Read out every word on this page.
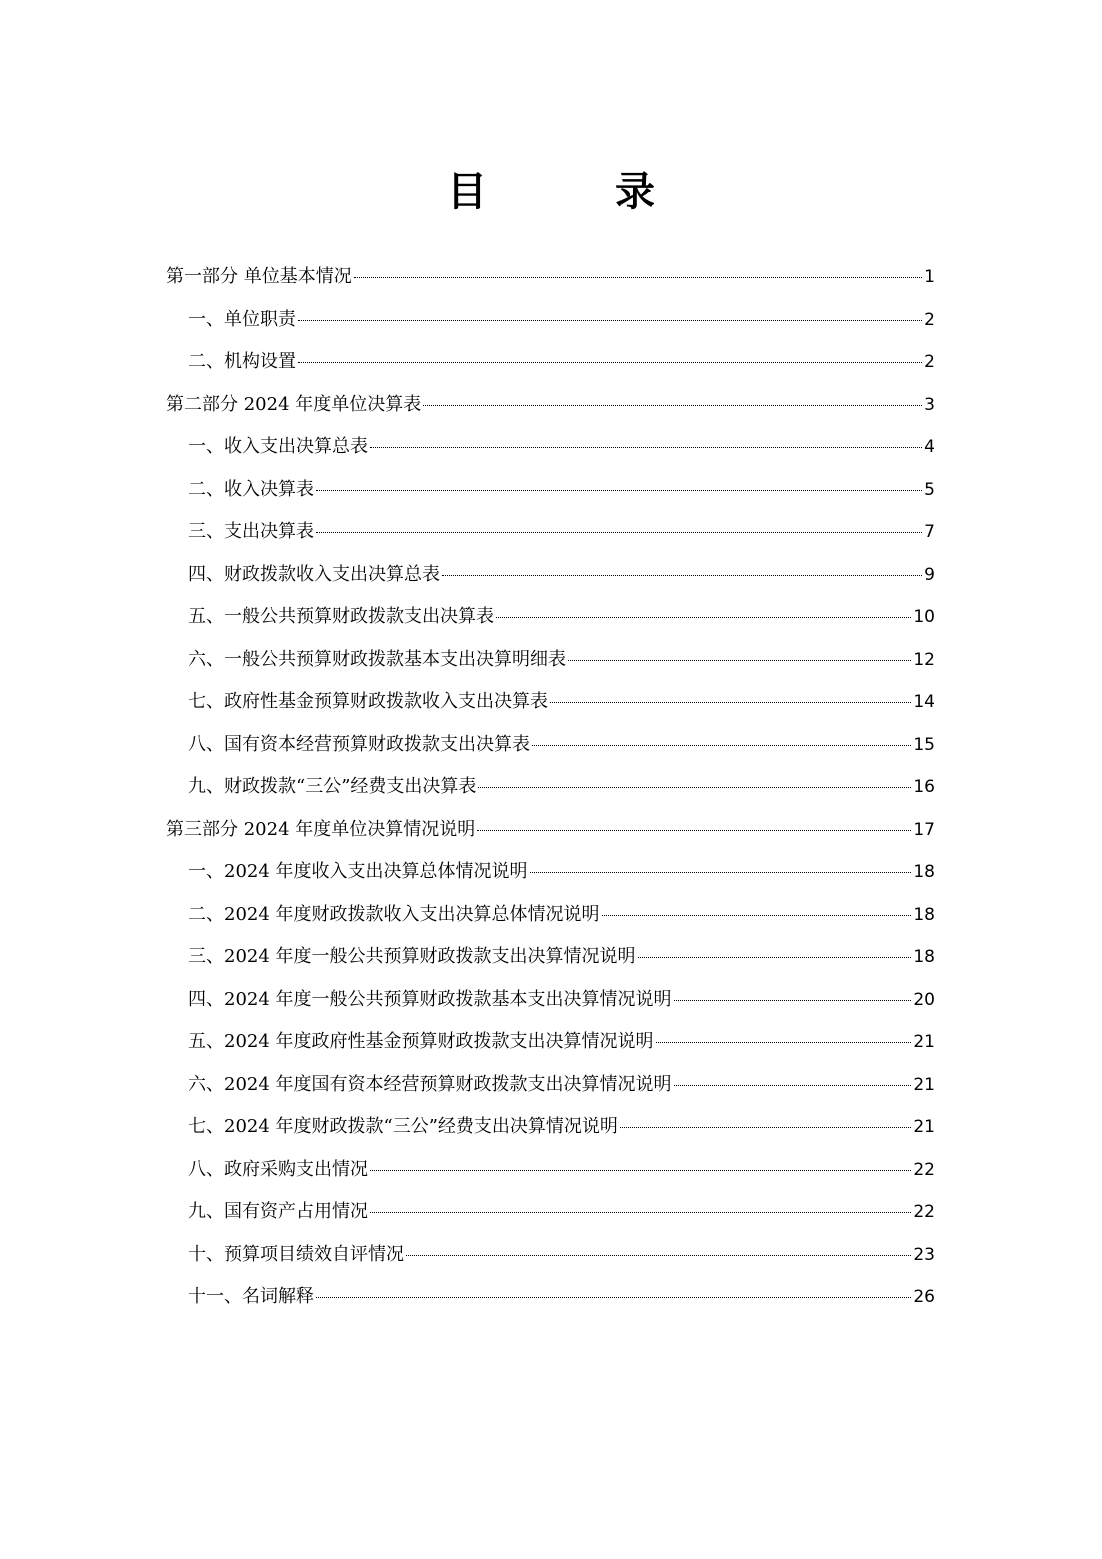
目　录
第一部分 单位基本情况	1
一、单位职责	2
二、机构设置	2
第二部分 2024 年度单位决算表	3
一、收入支出决算总表	4
二、收入决算表	5
三、支出决算表	7
四、财政拨款收入支出决算总表	9
五、一般公共预算财政拨款支出决算表	10
六、一般公共预算财政拨款基本支出决算明细表	12
七、政府性基金预算财政拨款收入支出决算表	14
八、国有资本经营预算财政拨款支出决算表	15
九、财政拨款“三公”经费支出决算表	16
第三部分 2024 年度单位决算情况说明	17
一、2024 年度收入支出决算总体情况说明	18
二、2024 年度财政拨款收入支出决算总体情况说明	18
三、2024 年度一般公共预算财政拨款支出决算情况说明	18
四、2024 年度一般公共预算财政拨款基本支出决算情况说明	20
五、2024 年度政府性基金预算财政拨款支出决算情况说明	21
六、2024 年度国有资本经营预算财政拨款支出决算情况说明	21
七、2024 年度财政拨款“三公”经费支出决算情况说明	21
八、政府采购支出情况	22
九、国有资产占用情况	22
十、预算项目绩效自评情况	23
十一、名词解释	26
